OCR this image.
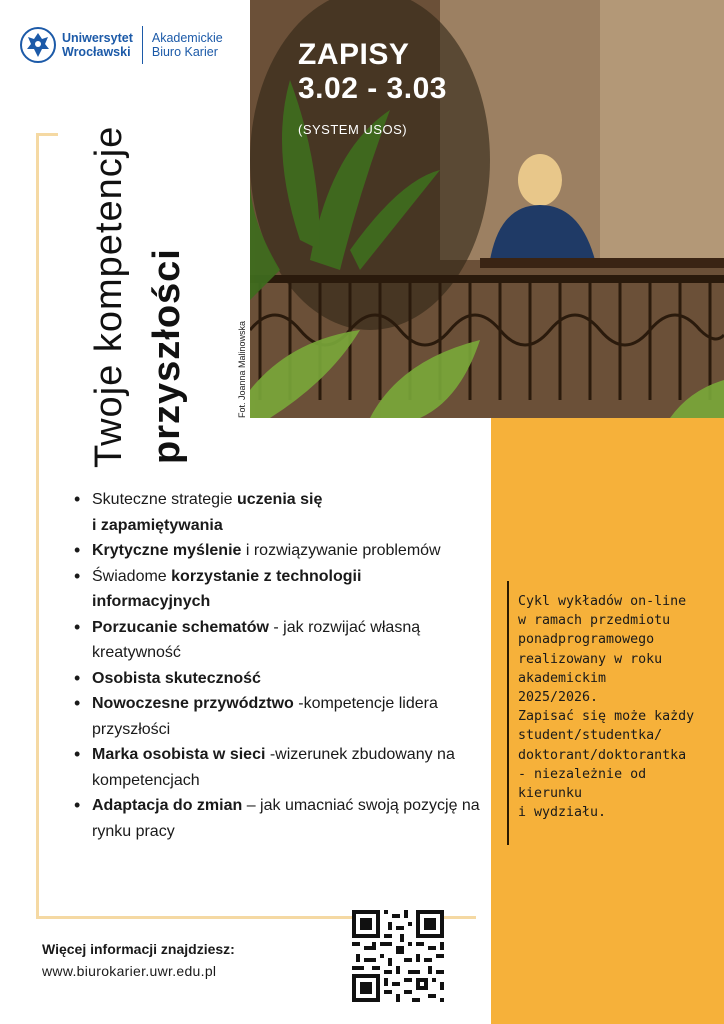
Uniwersytet
Wrocławski
Akademickie
Biuro Karier	ZAPISY
3.02 - 3.03
(SYSTEM USOS)
Fot. Joanna Malinowska
Twoje kompetencje przyszłości
• Skuteczne strategie uczenia się
i zapamiętywania
• Krytyczne myślenie i rozwiązywanie problemów
• Świadome korzystanie z technologii informacyjnych
• Porzucanie schematów - jak rozwijać własną kreatywność
• Osobista skuteczność
• Nowoczesne przywództwo -kompetencje lidera przyszłości
• Marka osobista w sieci -wizerunek zbudowany na kompetencjach
• Adaptacja do zmian – jak umacniać swoją pozycję na rynku pracy
Cykl wykładów on-line
w ramach przedmiotu
ponadprogramowego
realizowany w roku
akademickim
2025/2026.
Zapisać się może każdy
student/studentka/
doktorant/doktorantka
- niezależnie od
kierunku
i wydziału.
Więcej informacji znajdziesz:
www.biurokarier.uwr.edu.pl
